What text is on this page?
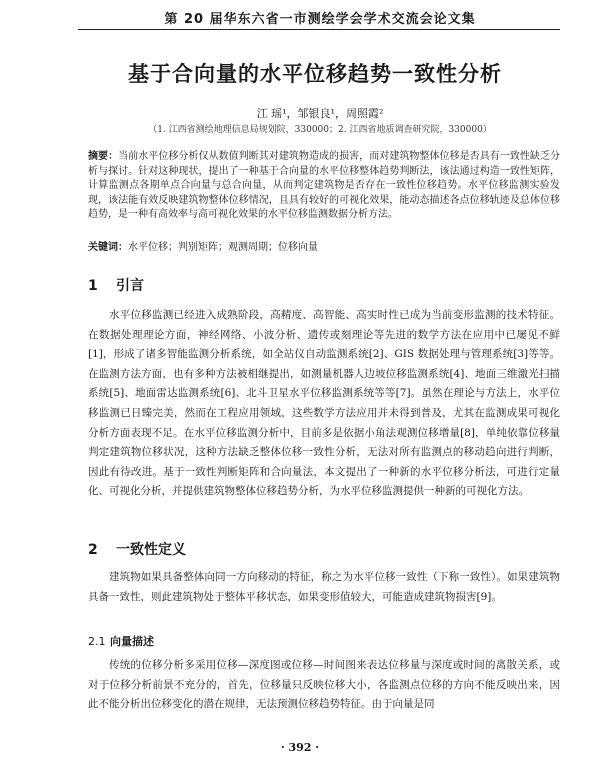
第 20 届华东六省一市测绘学会学术交流会论文集
基于合向量的水平位移趋势一致性分析
江 瑶¹，邹银良¹，周照霞²
（1. 江西省测绘地理信息局规划院，330000；2. 江西省地质调查研究院，330000）
摘要：当前水平位移分析仅从数值判断其对建筑物造成的损害，而对建筑物整体位移是否具有一致性缺乏分析与探讨。针对这种现状，提出了一种基于合向量的水平位移整体趋势判断法，该法通过构造一致性矩阵，计算监测点各期单点合向量与总合向量，从而判定建筑物是否存在一致性位移趋势。水平位移监测实验发现，该法能有效反映建筑物整体位移情况，且具有较好的可视化效果，能动态描述各点位移轨迹及总体位移趋势，是一种有高效率与高可视化效果的水平位移监测数据分析方法。
关键词：水平位移；判别矩阵；观测周期；位移向量
1 引言
水平位移监测已经进入成熟阶段，高精度、高智能、高实时性已成为当前变形监测的技术特征。在数据处理理论方面，神经网络、小波分析、遗传或刻理论等先进的数学方法在应用中已屡见不鲜[1]，形成了诸多智能监测分析系统，如全站仪自动监测系统[2]、GIS 数据处理与管理系统[3]等等。在监测方法方面，也有多种方法被相继提出，如测量机器人边坡位移监测系统[4]、地面三维激光扫描系统[5]、地面雷达监测系统[6]、北斗卫星水平位移监测系统等等[7]。虽然在理论与方法上，水平位移监测已日臻完美，然而在工程应用领域，这些数学方法应用并未得到普及，尤其在监测成果可视化分析方面表现不足。在水平位移监测分析中，目前多是依据小角法观测位移增量[8]，单纯依靠位移量判定建筑物位移状况，这种方法缺乏整体位移一致性分析，无法对所有监测点的移动趋向进行判断，因此有待改进。基于一致性判断矩阵和合向量法，本文提出了一种新的水平位移分析法，可进行定量化、可视化分析，并提供建筑物整体位移趋势分析，为水平位移监测提供一种新的可视化方法。
2 一致性定义
建筑物如果具备整体向同一方向移动的特征，称之为水平位移一致性（下称一致性）。如果建筑物具备一致性，则此建筑物处于整体平移状态，如果变形值较大，可能造成建筑物损害[9]。
2.1 向量描述
传统的位移分析多采用位移—深度图或位移—时间图来表达位移量与深度或时间的离散关系，或对于位移分析前景不充分的，首先，位移量只反映位移大小，各监测点位移的方向不能反映出来，因此不能分析出位移变化的潜在规律，无法预测位移趋势特征。由于向量是同
· 392 ·
